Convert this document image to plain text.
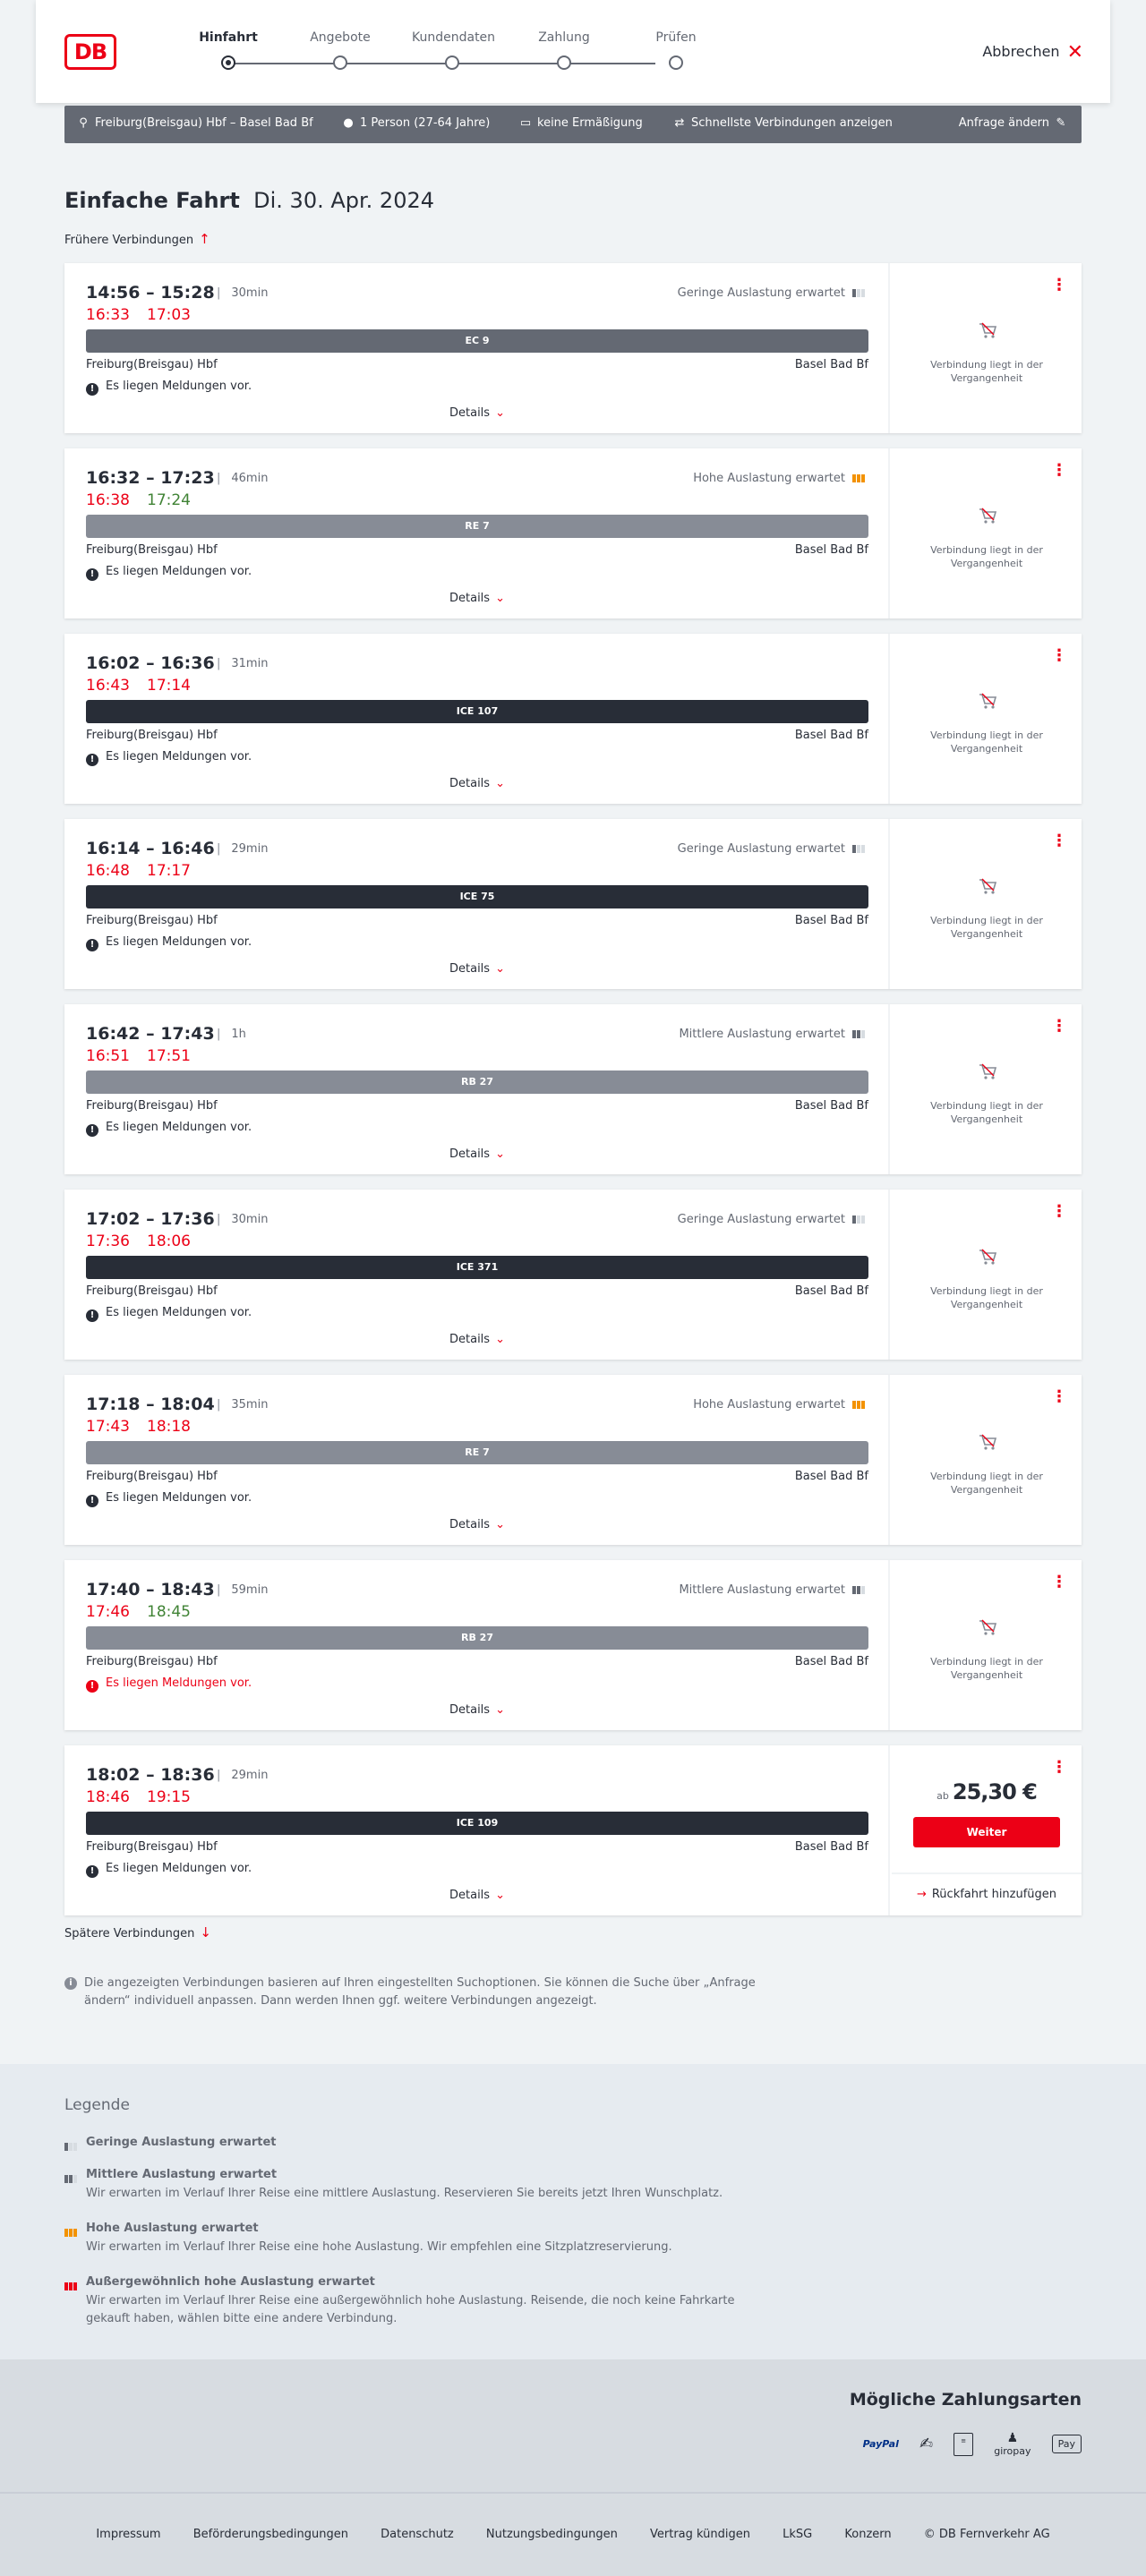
DB
Hinfahrt	Angebote	Kundendaten	Zahlung	Prüfen
Abbrechen ✕
⚲ Freiburg(Breisgau) Hbf – Basel Bad Bf	● 1 Person (27-64 Jahre)	▭ keine Ermäßigung	⇄ Schnellste Verbindungen anzeigen	Anfrage ändern ✎
Einfache Fahrt Di. 30. Apr. 2024
Frühere Verbindungen ↑
14:56 – 15:28	| 30min
16:33 17:03
Geringe Auslastung erwartet
EC 9
Freiburg(Breisgau) Hbf	Basel Bad Bf
! Es liegen Meldungen vor.
Details ⌄
⋮
Verbindung liegt in der Vergangenheit
16:32 – 17:23	| 46min
16:38 17:24
Hohe Auslastung erwartet
RE 7
Freiburg(Breisgau) Hbf	Basel Bad Bf
! Es liegen Meldungen vor.
Details ⌄
⋮
Verbindung liegt in der Vergangenheit
16:02 – 16:36	| 31min
16:43 17:14
ICE 107
Freiburg(Breisgau) Hbf	Basel Bad Bf
! Es liegen Meldungen vor.
Details ⌄
⋮
Verbindung liegt in der Vergangenheit
16:14 – 16:46	| 29min
16:48 17:17
Geringe Auslastung erwartet
ICE 75
Freiburg(Breisgau) Hbf	Basel Bad Bf
! Es liegen Meldungen vor.
Details ⌄
⋮
Verbindung liegt in der Vergangenheit
16:42 – 17:43	| 1h
16:51 17:51
Mittlere Auslastung erwartet
RB 27
Freiburg(Breisgau) Hbf	Basel Bad Bf
! Es liegen Meldungen vor.
Details ⌄
⋮
Verbindung liegt in der Vergangenheit
17:02 – 17:36	| 30min
17:36 18:06
Geringe Auslastung erwartet
ICE 371
Freiburg(Breisgau) Hbf	Basel Bad Bf
! Es liegen Meldungen vor.
Details ⌄
⋮
Verbindung liegt in der Vergangenheit
17:18 – 18:04	| 35min
17:43 18:18
Hohe Auslastung erwartet
RE 7
Freiburg(Breisgau) Hbf	Basel Bad Bf
! Es liegen Meldungen vor.
Details ⌄
⋮
Verbindung liegt in der Vergangenheit
17:40 – 18:43	| 59min
17:46 18:45
Mittlere Auslastung erwartet
RB 27
Freiburg(Breisgau) Hbf	Basel Bad Bf
! Es liegen Meldungen vor.
Details ⌄
⋮
Verbindung liegt in der Vergangenheit
18:02 – 18:36	| 29min
18:46 19:15
ICE 109
Freiburg(Breisgau) Hbf	Basel Bad Bf
! Es liegen Meldungen vor.
Details ⌄
⋮
ab 25,30 €
Weiter
→ Rückfahrt hinzufügen
Spätere Verbindungen ↓
i	Die angezeigten Verbindungen basieren auf Ihren eingestellten Suchoptionen. Sie können die Suche über „Anfrage ändern“ individuell anpassen. Dann werden Ihnen ggf. weitere Verbindungen angezeigt.
Legende
Geringe Auslastung erwartet
Mittlere Auslastung erwartet
Wir erwarten im Verlauf Ihrer Reise eine mittlere Auslastung. Reservieren Sie bereits jetzt Ihren Wunschplatz.
Hohe Auslastung erwartet
Wir erwarten im Verlauf Ihrer Reise eine hohe Auslastung. Wir empfehlen eine Sitzplatzreservierung.
Außergewöhnlich hohe Auslastung erwartet
Wir erwarten im Verlauf Ihrer Reise eine außergewöhnlich hohe Auslastung. Reisende, die noch keine Fahrkarte gekauft haben, wählen bitte eine andere Verbindung.
Mögliche Zahlungsarten
PayPal ✍	≡	♟
giropay Pay
Impressum	Beförderungsbedingungen	Datenschutz	Nutzungsbedingungen	Vertrag kündigen	LkSG	Konzern	© DB Fernverkehr AG
